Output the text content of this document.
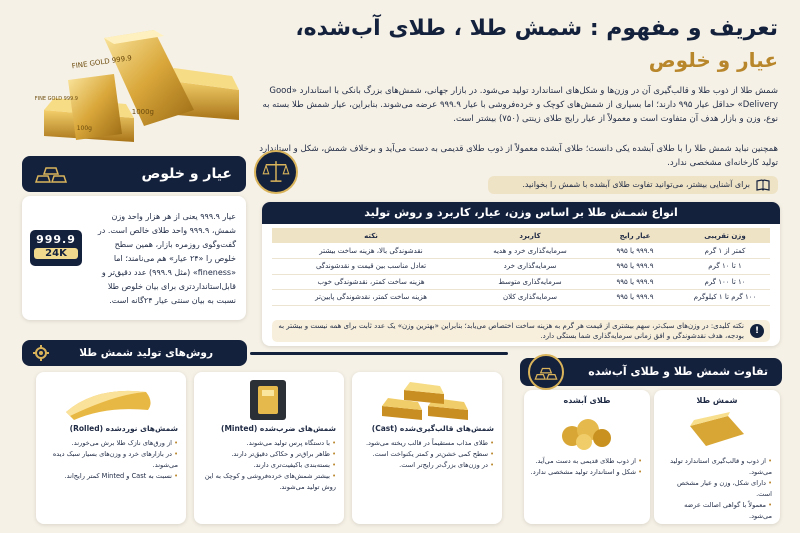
FINE GOLD 999.9
1000g
FINE GOLD 999.9
100g
تعریف و مفهوم : شمش طلا ، طلای آب‌شده،
عیار و خلوص
شمش طلا از ذوب طلا و قالب‌گیری آن در وزن‌ها و شکل‌های استاندارد تولید می‌شود. در بازار جهانی، شمش‌های بزرگ بانکی با استاندارد «Good Delivery» حداقل عیار ۹۹۵ دارند؛ اما بسیاری از شمش‌های کوچک و خرده‌فروشی با عیار ۹۹۹.۹ عرضه می‌شوند. بنابراین، عیار شمش طلا بسته به نوع، وزن و بازار هدف آن متفاوت است و معمولاً از عیار رایج طلای زینتی (۷۵۰) بیشتر است.
همچنین نباید شمش طلا را با طلای آبشده یکی دانست؛ طلای آبشده معمولاً از ذوب طلای قدیمی به دست می‌آید و برخلاف شمش، شکل و استاندارد تولید کارخانه‌ای مشخصی ندارد.
برای آشنایی بیشتر، می‌توانید تفاوت طلای آبشده با شمش را بخوانید.
عیار و خلوص
عیار ۹۹۹.۹ یعنی از هر هزار واحد وزن شمش، ۹۹۹.۹ واحد طلای خالص است. در گفت‌وگوی روزمره بازار، همین سطح خلوص را «۲۴ عیار» هم می‌نامند؛ اما «fineness» (مثل ۹۹۹.۹) عدد دقیق‌تر و قابل‌استانداردتری برای بیان خلوص طلا نسبت به بیان سنتی عیار ۲۴گانه است.
999.9
24K
انواع شمـش طلا بر اساس وزن، عیار، کاربرد و روش تولید
وزن تقریبی	عیار رایج	کاربرد	نکته
کمتر از ۱ گرم	۹۹۹.۹ یا ۹۹۵	سرمایه‌گذاری خرد و هدیه	نقدشوندگی بالا، هزینه ساخت بیشتر
۱ تا ۱۰ گرم	۹۹۹.۹ یا ۹۹۵	سرمایه‌گذاری خرد	تعادل مناسب بین قیمت و نقدشوندگی
۱۰ تا ۱۰۰ گرم	۹۹۹.۹ یا ۹۹۵	سرمایه‌گذاری متوسط	هزینه ساخت کمتر، نقدشوندگی خوب
۱۰۰ گرم تا ۱ کیلوگرم	۹۹۹.۹ یا ۹۹۵	سرمایه‌گذاری کلان	هزینه ساخت کمتر، نقدشوندگی پایین‌تر
!
نکته کلیدی: در وزن‌های سبک‌تر، سهم بیشتری از قیمت هر گرم به هزینه ساخت اختصاص می‌یابد؛ بنابراین «بهترین وزن» یک عدد ثابت برای همه نیست و بیشتر به بودجه، هدف نقدشوندگی و افق زمانی سرمایه‌گذاری شما بستگی دارد.
روش‌های تولید شمش طلا
شمش‌های قالب‌گیری‌شده (Cast)
• طلای مذاب مستقیماً در قالب ریخته می‌شود.
• سطح کمی خشن‌تر و کمتر یکنواخت است.
• در وزن‌های بزرگ‌تر رایج‌تر است.
شمش‌های ضرب‌شده (Minted)
• با دستگاه پرس تولید می‌شوند.
• ظاهر براق‌تر و حکاکی دقیق‌تر دارند.
• بسته‌بندی باکیفیت‌تری دارند.
• بیشتر شمش‌های خرده‌فروشی و کوچک به این روش تولید می‌شوند.
شمش‌های نوردشده (Rolled)
• از ورق‌های نازک طلا برش می‌خورند.
• در بازارهای خرد و وزن‌های بسیار سبک دیده می‌شوند.
• نسبت به Cast و Minted کمتر رایج‌اند.
تفاوت شمش طلا و طلای آب‌شده
شمش طلا
• از ذوب و قالب‌گیری استاندارد تولید می‌شود.
• دارای شکل، وزن و عیار مشخص است.
• معمولاً با گواهی اصالت عرضه می‌شود.
طلای آبشده
• از ذوب طلای قدیمی به دست می‌آید.
• شکل و استاندارد تولید مشخصی ندارد.
